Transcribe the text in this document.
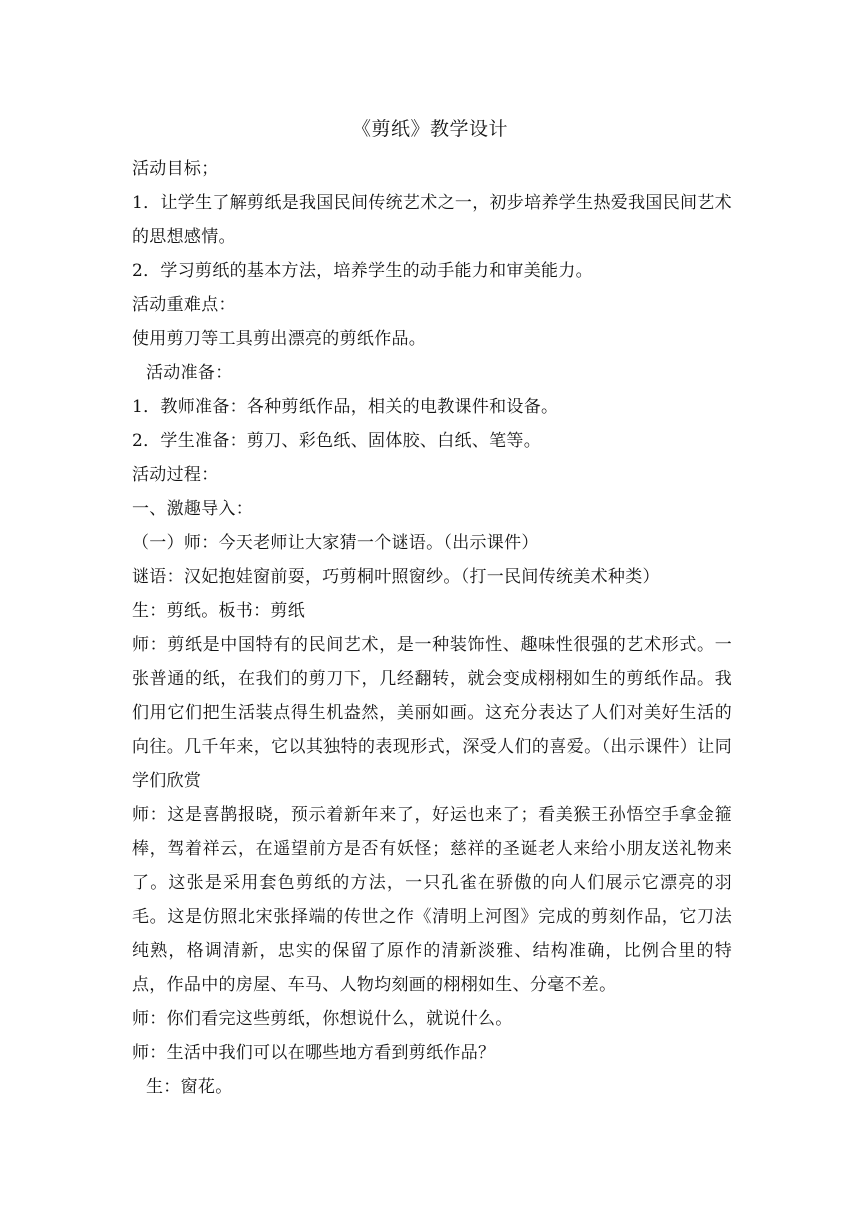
《剪纸》教学设计

活动目标；

1．让学生了解剪纸是我国民间传统艺术之一，初步培养学生热爱我国民间艺术的思想感情。

2．学习剪纸的基本方法，培养学生的动手能力和审美能力。

活动重难点：

使用剪刀等工具剪出漂亮的剪纸作品。

活动准备：

1．教师准备：各种剪纸作品，相关的电教课件和设备。

2．学生准备：剪刀、彩色纸、固体胶、白纸、笔等。

活动过程：

一、激趣导入：

（一）师：今天老师让大家猜一个谜语。（出示课件）

谜语：汉妃抱娃窗前耍，巧剪桐叶照窗纱。（打一民间传统美术种类）

生：剪纸。板书：剪纸

师：剪纸是中国特有的民间艺术，是一种装饰性、趣味性很强的艺术形式。一张普通的纸，在我们的剪刀下，几经翻转，就会变成栩栩如生的剪纸作品。我们用它们把生活装点得生机盎然，美丽如画。这充分表达了人们对美好生活的向往。几千年来，它以其独特的表现形式，深受人们的喜爱。（出示课件）让同学们欣赏

师：这是喜鹊报晓，预示着新年来了，好运也来了；看美猴王孙悟空手拿金箍棒，驾着祥云，在遥望前方是否有妖怪；慈祥的圣诞老人来给小朋友送礼物来了。这张是采用套色剪纸的方法，一只孔雀在骄傲的向人们展示它漂亮的羽毛。这是仿照北宋张择端的传世之作《清明上河图》完成的剪刻作品，它刀法纯熟，格调清新，忠实的保留了原作的清新淡雅、结构准确，比例合里的特点，作品中的房屋、车马、人物均刻画的栩栩如生、分毫不差。

师：你们看完这些剪纸，你想说什么，就说什么。

师：生活中我们可以在哪些地方看到剪纸作品？

生：窗花。
